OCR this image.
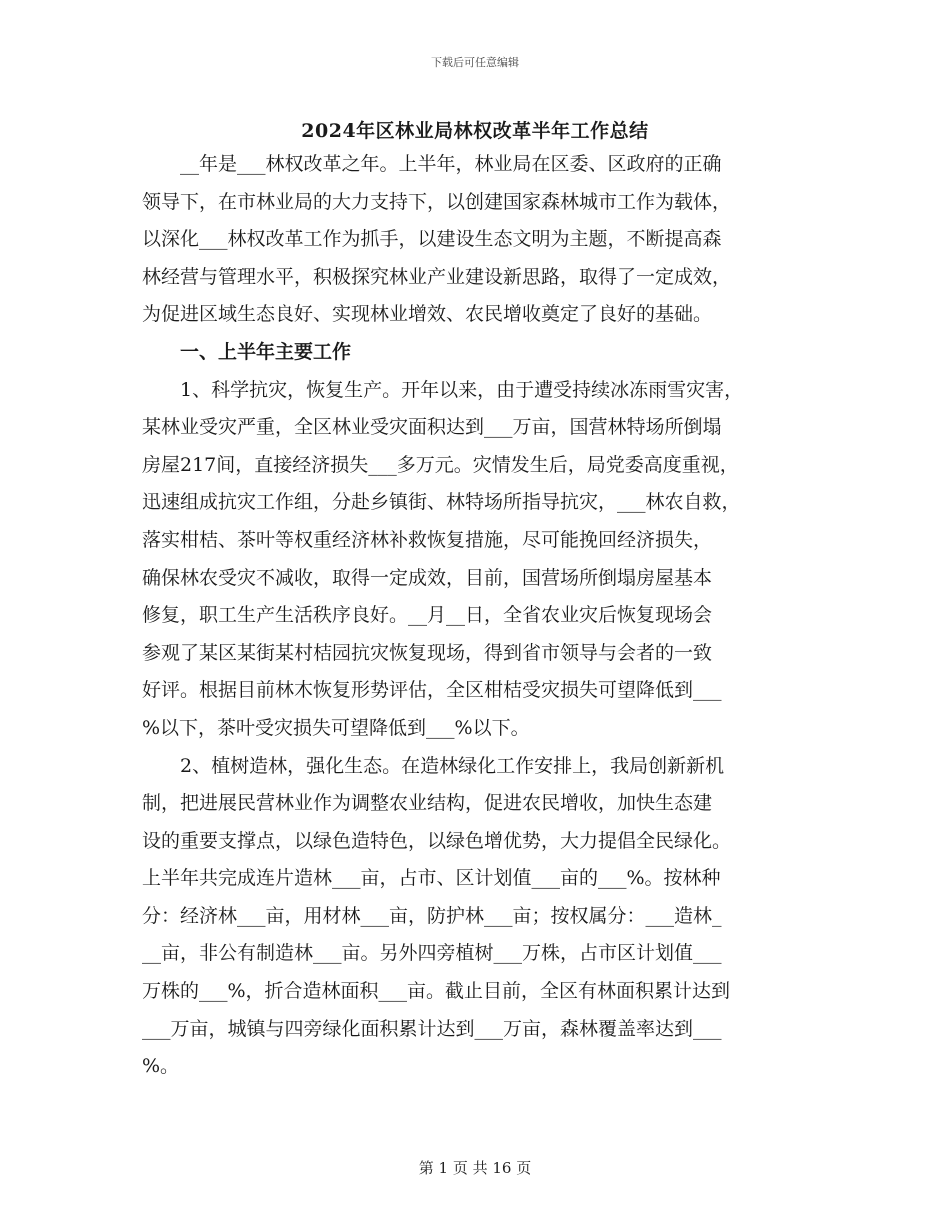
下载后可任意编辑
2024年区林业局林权改革半年工作总结
__年是___林权改革之年。上半年，林业局在区委、区政府的正确
领导下，在市林业局的大力支持下，以创建国家森林城市工作为载体，
以深化___林权改革工作为抓手，以建设生态文明为主题，不断提高森
林经营与管理水平，积极探究林业产业建设新思路，取得了一定成效，
为促进区域生态良好、实现林业增效、农民增收奠定了良好的基础。
一、上半年主要工作
1、科学抗灾，恢复生产。开年以来，由于遭受持续冰冻雨雪灾害，
某林业受灾严重，全区林业受灾面积达到___万亩，国营林特场所倒塌
房屋217间，直接经济损失___多万元。灾情发生后，局党委高度重视，
迅速组成抗灾工作组，分赴乡镇街、林特场所指导抗灾，___林农自救，
落实柑桔、茶叶等权重经济林补救恢复措施，尽可能挽回经济损失，
确保林农受灾不减收，取得一定成效，目前，国营场所倒塌房屋基本
修复，职工生产生活秩序良好。__月__日，全省农业灾后恢复现场会
参观了某区某街某村桔园抗灾恢复现场，得到省市领导与会者的一致
好评。根据目前林木恢复形势评估，全区柑桔受灾损失可望降低到___
%以下，茶叶受灾损失可望降低到___%以下。
2、植树造林，强化生态。在造林绿化工作安排上，我局创新新机
制，把进展民营林业作为调整农业结构，促进农民增收，加快生态建
设的重要支撑点，以绿色造特色，以绿色增优势，大力提倡全民绿化。
上半年共完成连片造林___亩，占市、区计划值___亩的___%。按林种
分：经济林___亩，用材林___亩，防护林___亩；按权属分：___造林_
__亩，非公有制造林___亩。另外四旁植树___万株，占市区计划值___
万株的___%，折合造林面积___亩。截止目前，全区有林面积累计达到
___万亩，城镇与四旁绿化面积累计达到___万亩，森林覆盖率达到___
%。
第 1 页 共 16 页
